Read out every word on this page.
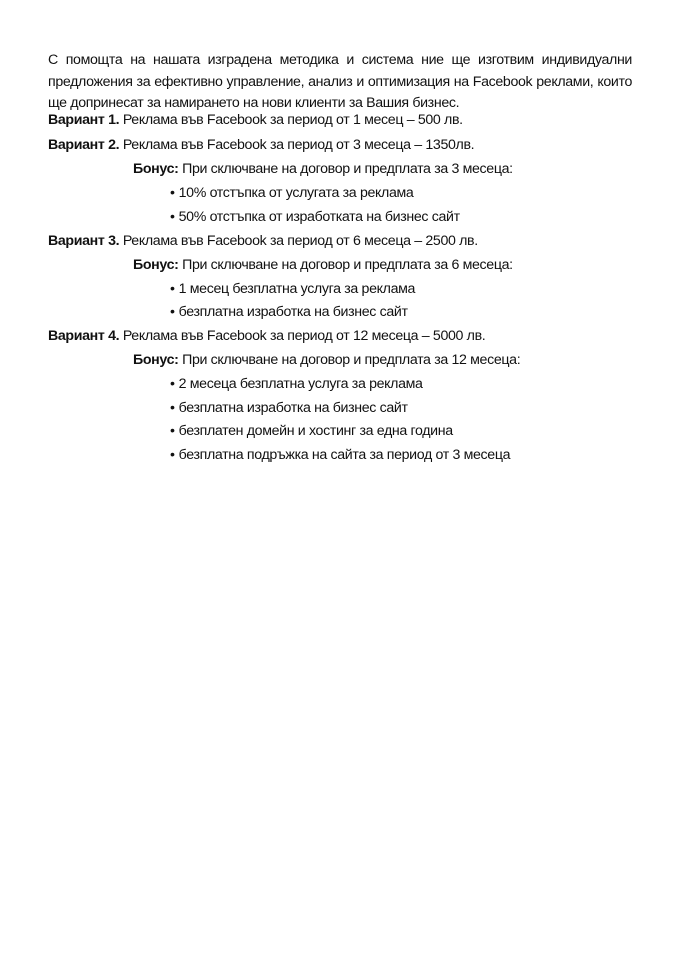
С помощта на нашата изградена методика и система ние ще изготвим индивидуални предложения за ефективно управление, анализ и оптимизация на Facebook реклами, които ще допринесат за намирането на нови клиенти за Вашия бизнес.

Вариант 1. Реклама във Facebook за период от 1 месец – 500 лв.
Вариант 2. Реклама във Facebook за период от 3 месеца – 1350лв.
Бонус: При сключване на договор и предплата за 3 месеца:
• 10% отстъпка от услугата за реклама
• 50% отстъпка от изработката на бизнес сайт
Вариант 3. Реклама във Facebook за период от 6 месеца – 2500 лв.
Бонус: При сключване на договор и предплата за 6 месеца:
• 1 месец безплатна услуга за реклама
• безплатна изработка на бизнес сайт
Вариант 4. Реклама във Facebook за период от 12 месеца – 5000 лв.
Бонус: При сключване на договор и предплата за 12 месеца:
• 2 месеца безплатна услуга за реклама
• безплатна изработка на бизнес сайт
• безплатен домейн и хостинг за една година
• безплатна подръжка на сайта за период от 3 месеца
